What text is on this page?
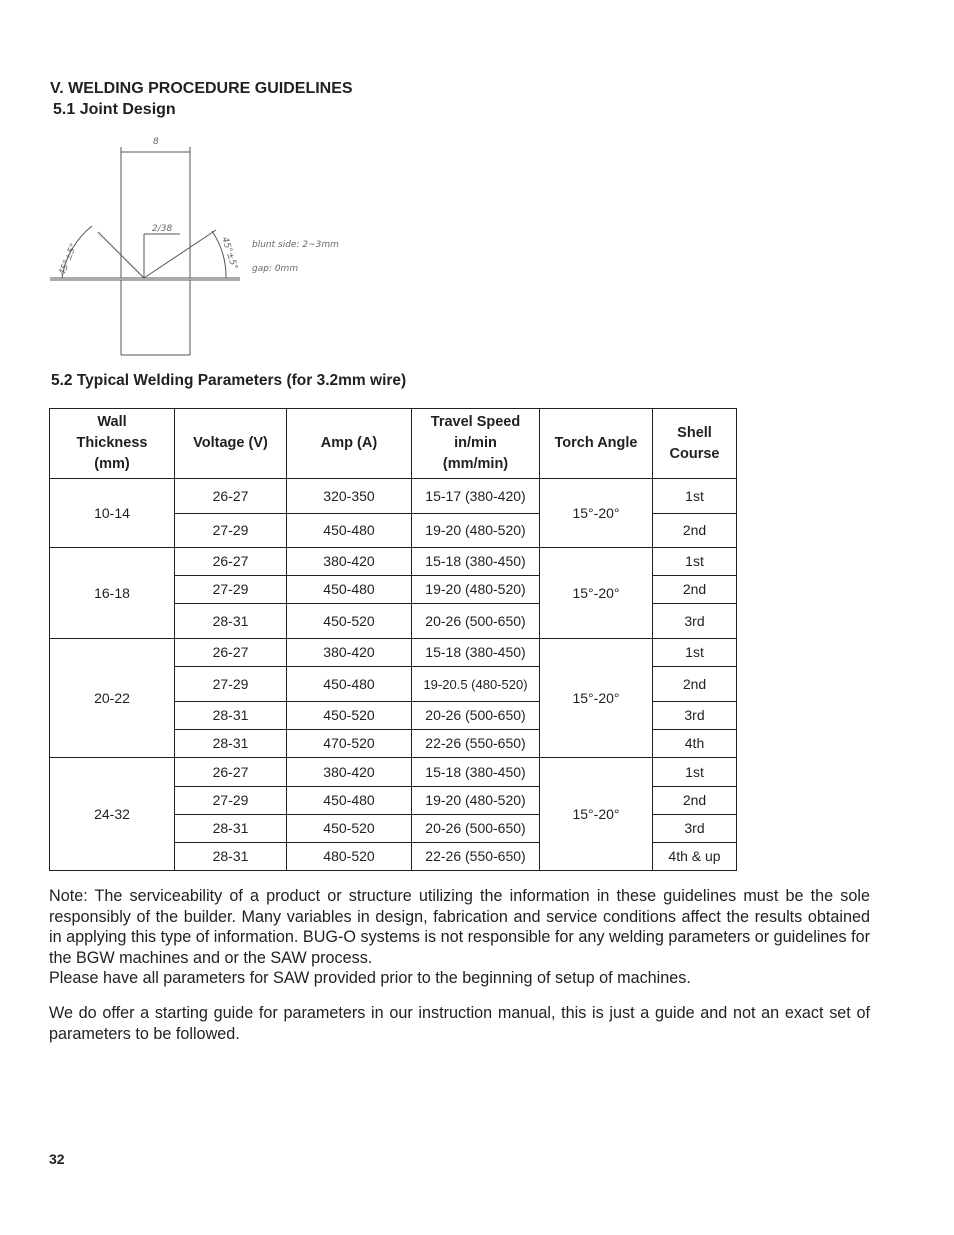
V. WELDING PROCEDURE GUIDELINES
5.1 Joint Design
8
2/38
45°±5°	45°±5° blunt side: 2~3mm
gap: 0mm
5.2 Typical Welding Parameters (for 3.2mm wire)
Wall Thickness (mm)	Voltage (V)	Amp (A)	Travel Speed in/min (mm/min)	Torch Angle	Shell Course
10-14	26-27	320-350	15-17 (380-420)	15°-20°	1st
	27-29	450-480	19-20 (480-520)		2nd
16-18	26-27	380-420	15-18 (380-450)	15°-20°	1st
	27-29	450-480	19-20 (480-520)		2nd
	28-31	450-520	20-26 (500-650)		3rd
20-22	26-27	380-420	15-18 (380-450)	15°-20°	1st
	27-29	450-480	19-20.5 (480-520)		2nd
	28-31	450-520	20-26 (500-650)		3rd
	28-31	470-520	22-26 (550-650)		4th
24-32	26-27	380-420	15-18 (380-450)	15°-20°	1st
	27-29	450-480	19-20 (480-520)		2nd
	28-31	450-520	20-26 (500-650)		3rd
	28-31	480-520	22-26 (550-650)		4th & up

Note: The serviceability of a product or structure utilizing the information in these guidelines must be the sole responsibly of the builder. Many variables in design, fabrication and service conditions affect the results obtained in applying this type of information. BUG-O systems is not responsible for any welding parameters or guidelines for the BGW machines and or the SAW process.

Please have all parameters for SAW provided prior to the beginning of setup of machines.

We do offer a starting guide for parameters in our instruction manual, this is just a guide and not an exact set of parameters to be followed.

32
